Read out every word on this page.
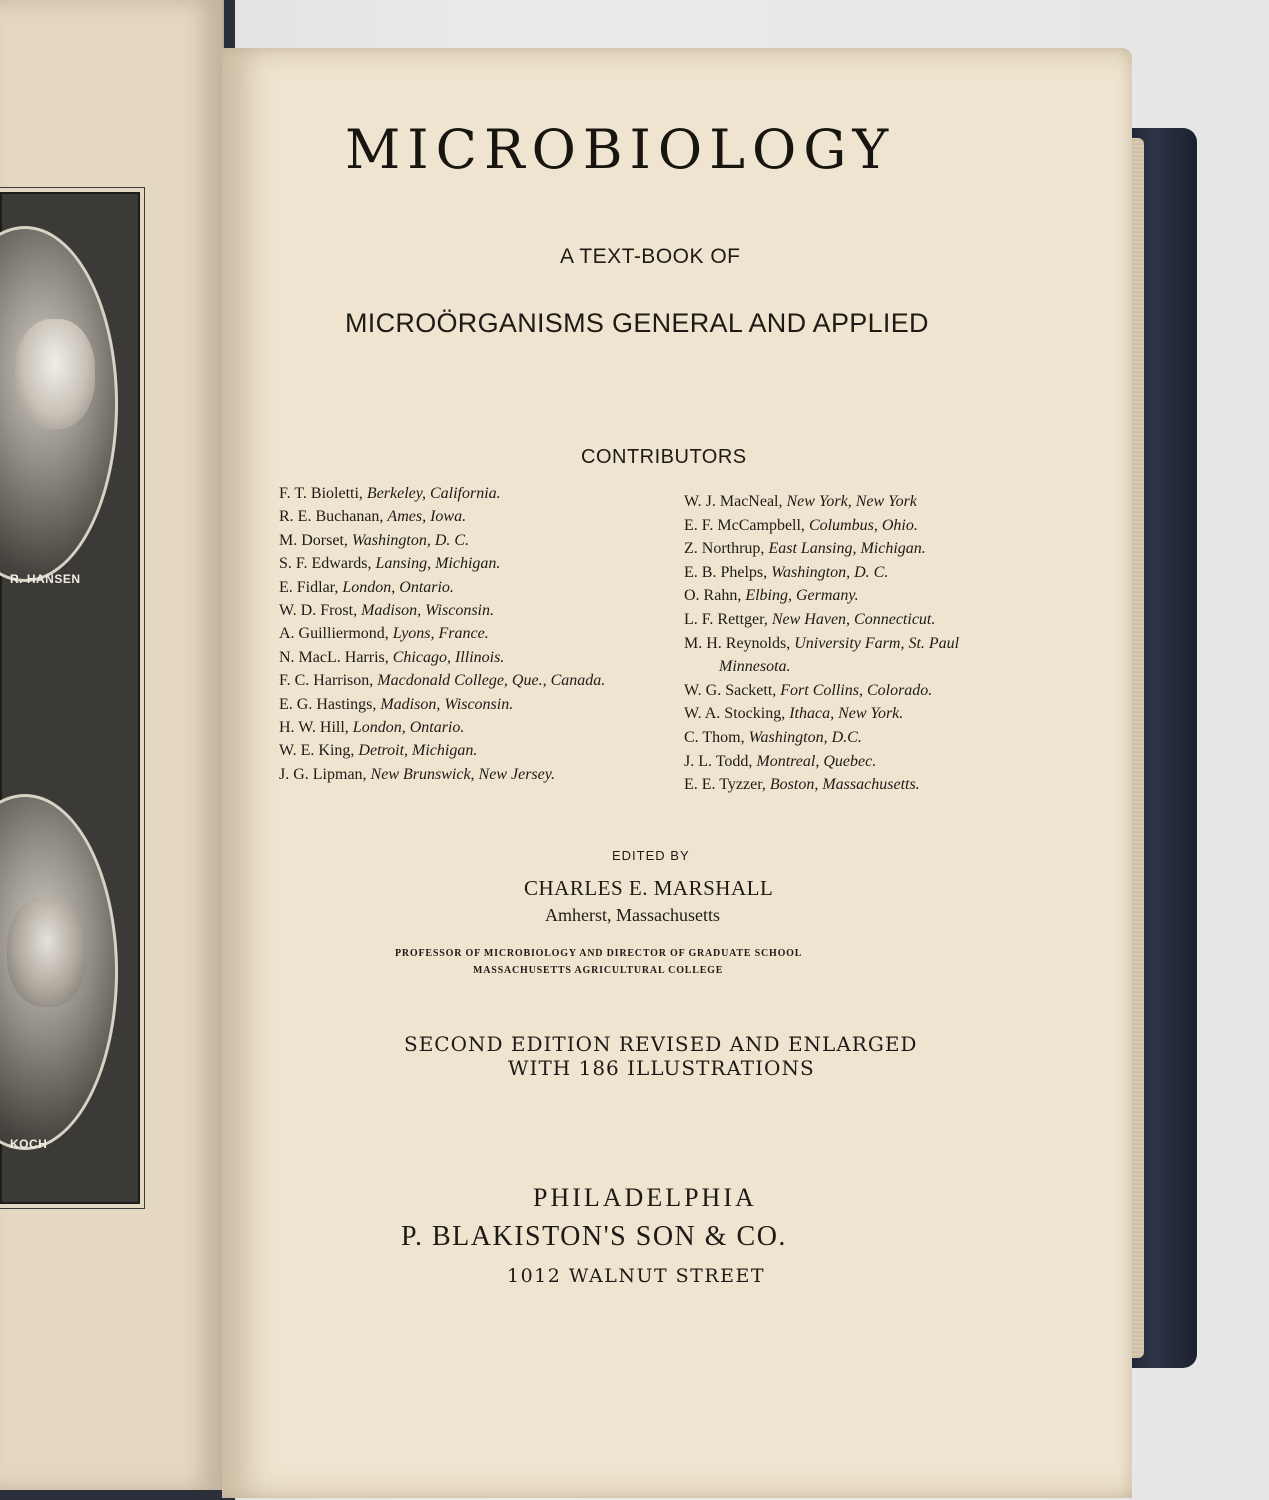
R. HANSEN
KOCH
MICROBIOLOGY
A TEXT-BOOK OF
MICROÖRGANISMS GENERAL AND APPLIED
CONTRIBUTORS
F. T. Bioletti, Berkeley, California.
R. E. Buchanan, Ames, Iowa.
M. Dorset, Washington, D. C.
S. F. Edwards, Lansing, Michigan.
E. Fidlar, London, Ontario.
W. D. Frost, Madison, Wisconsin.
A. Guilliermond, Lyons, France.
N. MacL. Harris, Chicago, Illinois.
F. C. Harrison, Macdonald College, Que., Canada.
E. G. Hastings, Madison, Wisconsin.
H. W. Hill, London, Ontario.
W. E. King, Detroit, Michigan.
J. G. Lipman, New Brunswick, New Jersey.
W. J. MacNeal, New York, New York
E. F. McCampbell, Columbus, Ohio.
Z. Northrup, East Lansing, Michigan.
E. B. Phelps, Washington, D. C.
O. Rahn, Elbing, Germany.
L. F. Rettger, New Haven, Connecticut.
M. H. Reynolds, University Farm, St. Paul
Minnesota.
W. G. Sackett, Fort Collins, Colorado.
W. A. Stocking, Ithaca, New York.
C. Thom, Washington, D.C.
J. L. Todd, Montreal, Quebec.
E. E. Tyzzer, Boston, Massachusetts.
EDITED BY
CHARLES E. MARSHALL
Amherst, Massachusetts
PROFESSOR OF MICROBIOLOGY AND DIRECTOR OF GRADUATE SCHOOL
MASSACHUSETTS AGRICULTURAL COLLEGE
SECOND EDITION REVISED AND ENLARGED
WITH 186 ILLUSTRATIONS
PHILADELPHIA
P. BLAKISTON'S SON & CO.
1012 WALNUT STREET
